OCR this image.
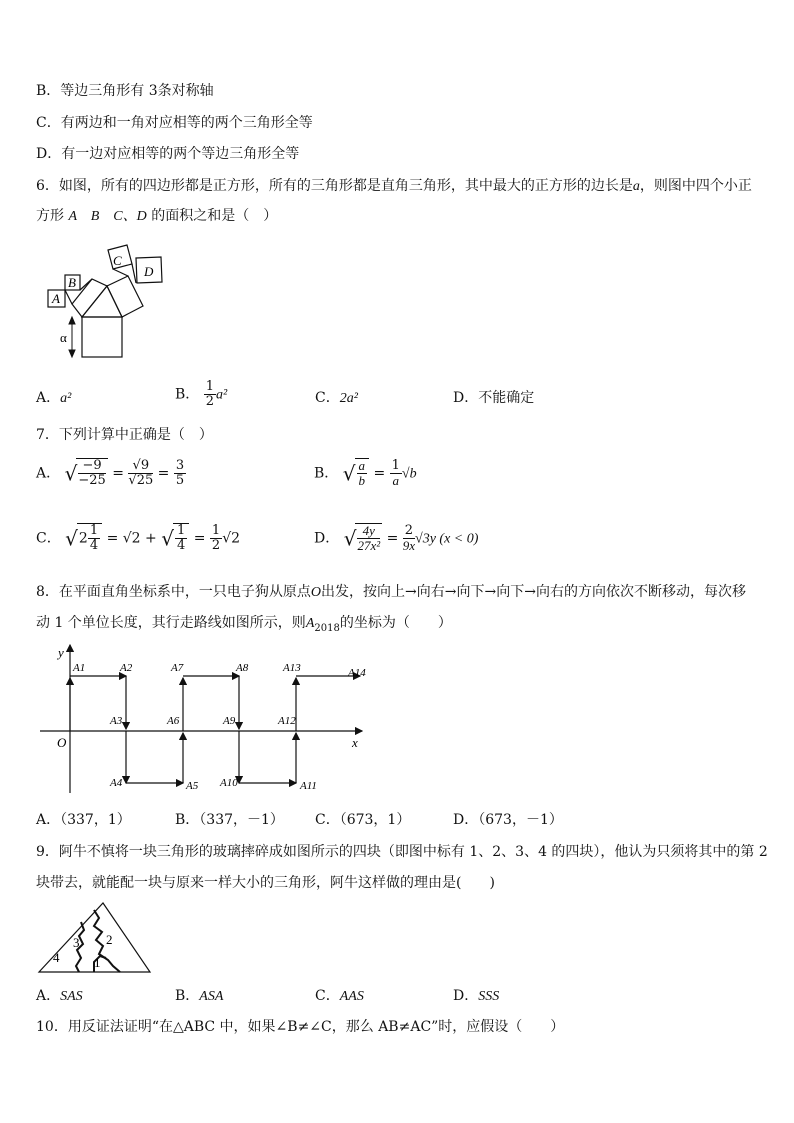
B．等边三角形有 3条对称轴
C．有两边和一角对应相等的两个三角形全等
D．有一边对应相等的两个等边三角形全等
6．如图，所有的四边形都是正方形，所有的三角形都是直角三角形，其中最大的正方形的边长是a，则图中四个小正
方形 A　B　C、D 的面积之和是（　）
A
B
C
D
α
A．a²	B． $\frac{1}{2} a^2$	C．2a²	D．不能确定
7．下列计算中正确是（　）
A． √ $\frac{-9}{-25} = \frac{√9}{√25} = \frac{3}{5}$	B． √ $\frac{a}{b} = \frac{1}{a} √b$
C． $√2 \frac{1}{4} = √2$ + √ $\frac{1}{4} = \frac{1}{2} √2$	D． √ $\frac{4y}{\text{27x²}} = \frac{2}{9x} √3y$ (x < 0)
8．在平面直角坐标系中，一只电子狗从原点O出发，按向上→向右→向下→向下→向右的方向依次不断移动，每次移
动 1 个单位长度，其行走路线如图所示，则$A_{2018}$的坐标为（　　）
y
x
O
A1	A2
A3
A4	A5
A6
A7	A8
A9
A10	A11
A12
A13	A14
A．（337，1）	B．（337，－1） C．（673，1）	D．（673，－1）
9．阿牛不慎将一块三角形的玻璃摔碎成如图所示的四块（即图中标有 1、2、3、4 的四块），他认为只须将其中的第 2
块带去，就能配一块与原来一样大小的三角形，阿牛这样做的理由是(　　)
4
3 2
1
A．SAS	B．ASA	C．AAS	D．SSS
10．用反证法证明“在△ABC 中，如果∠B≠∠C，那么 AB≠AC”时，应假设（　　）
